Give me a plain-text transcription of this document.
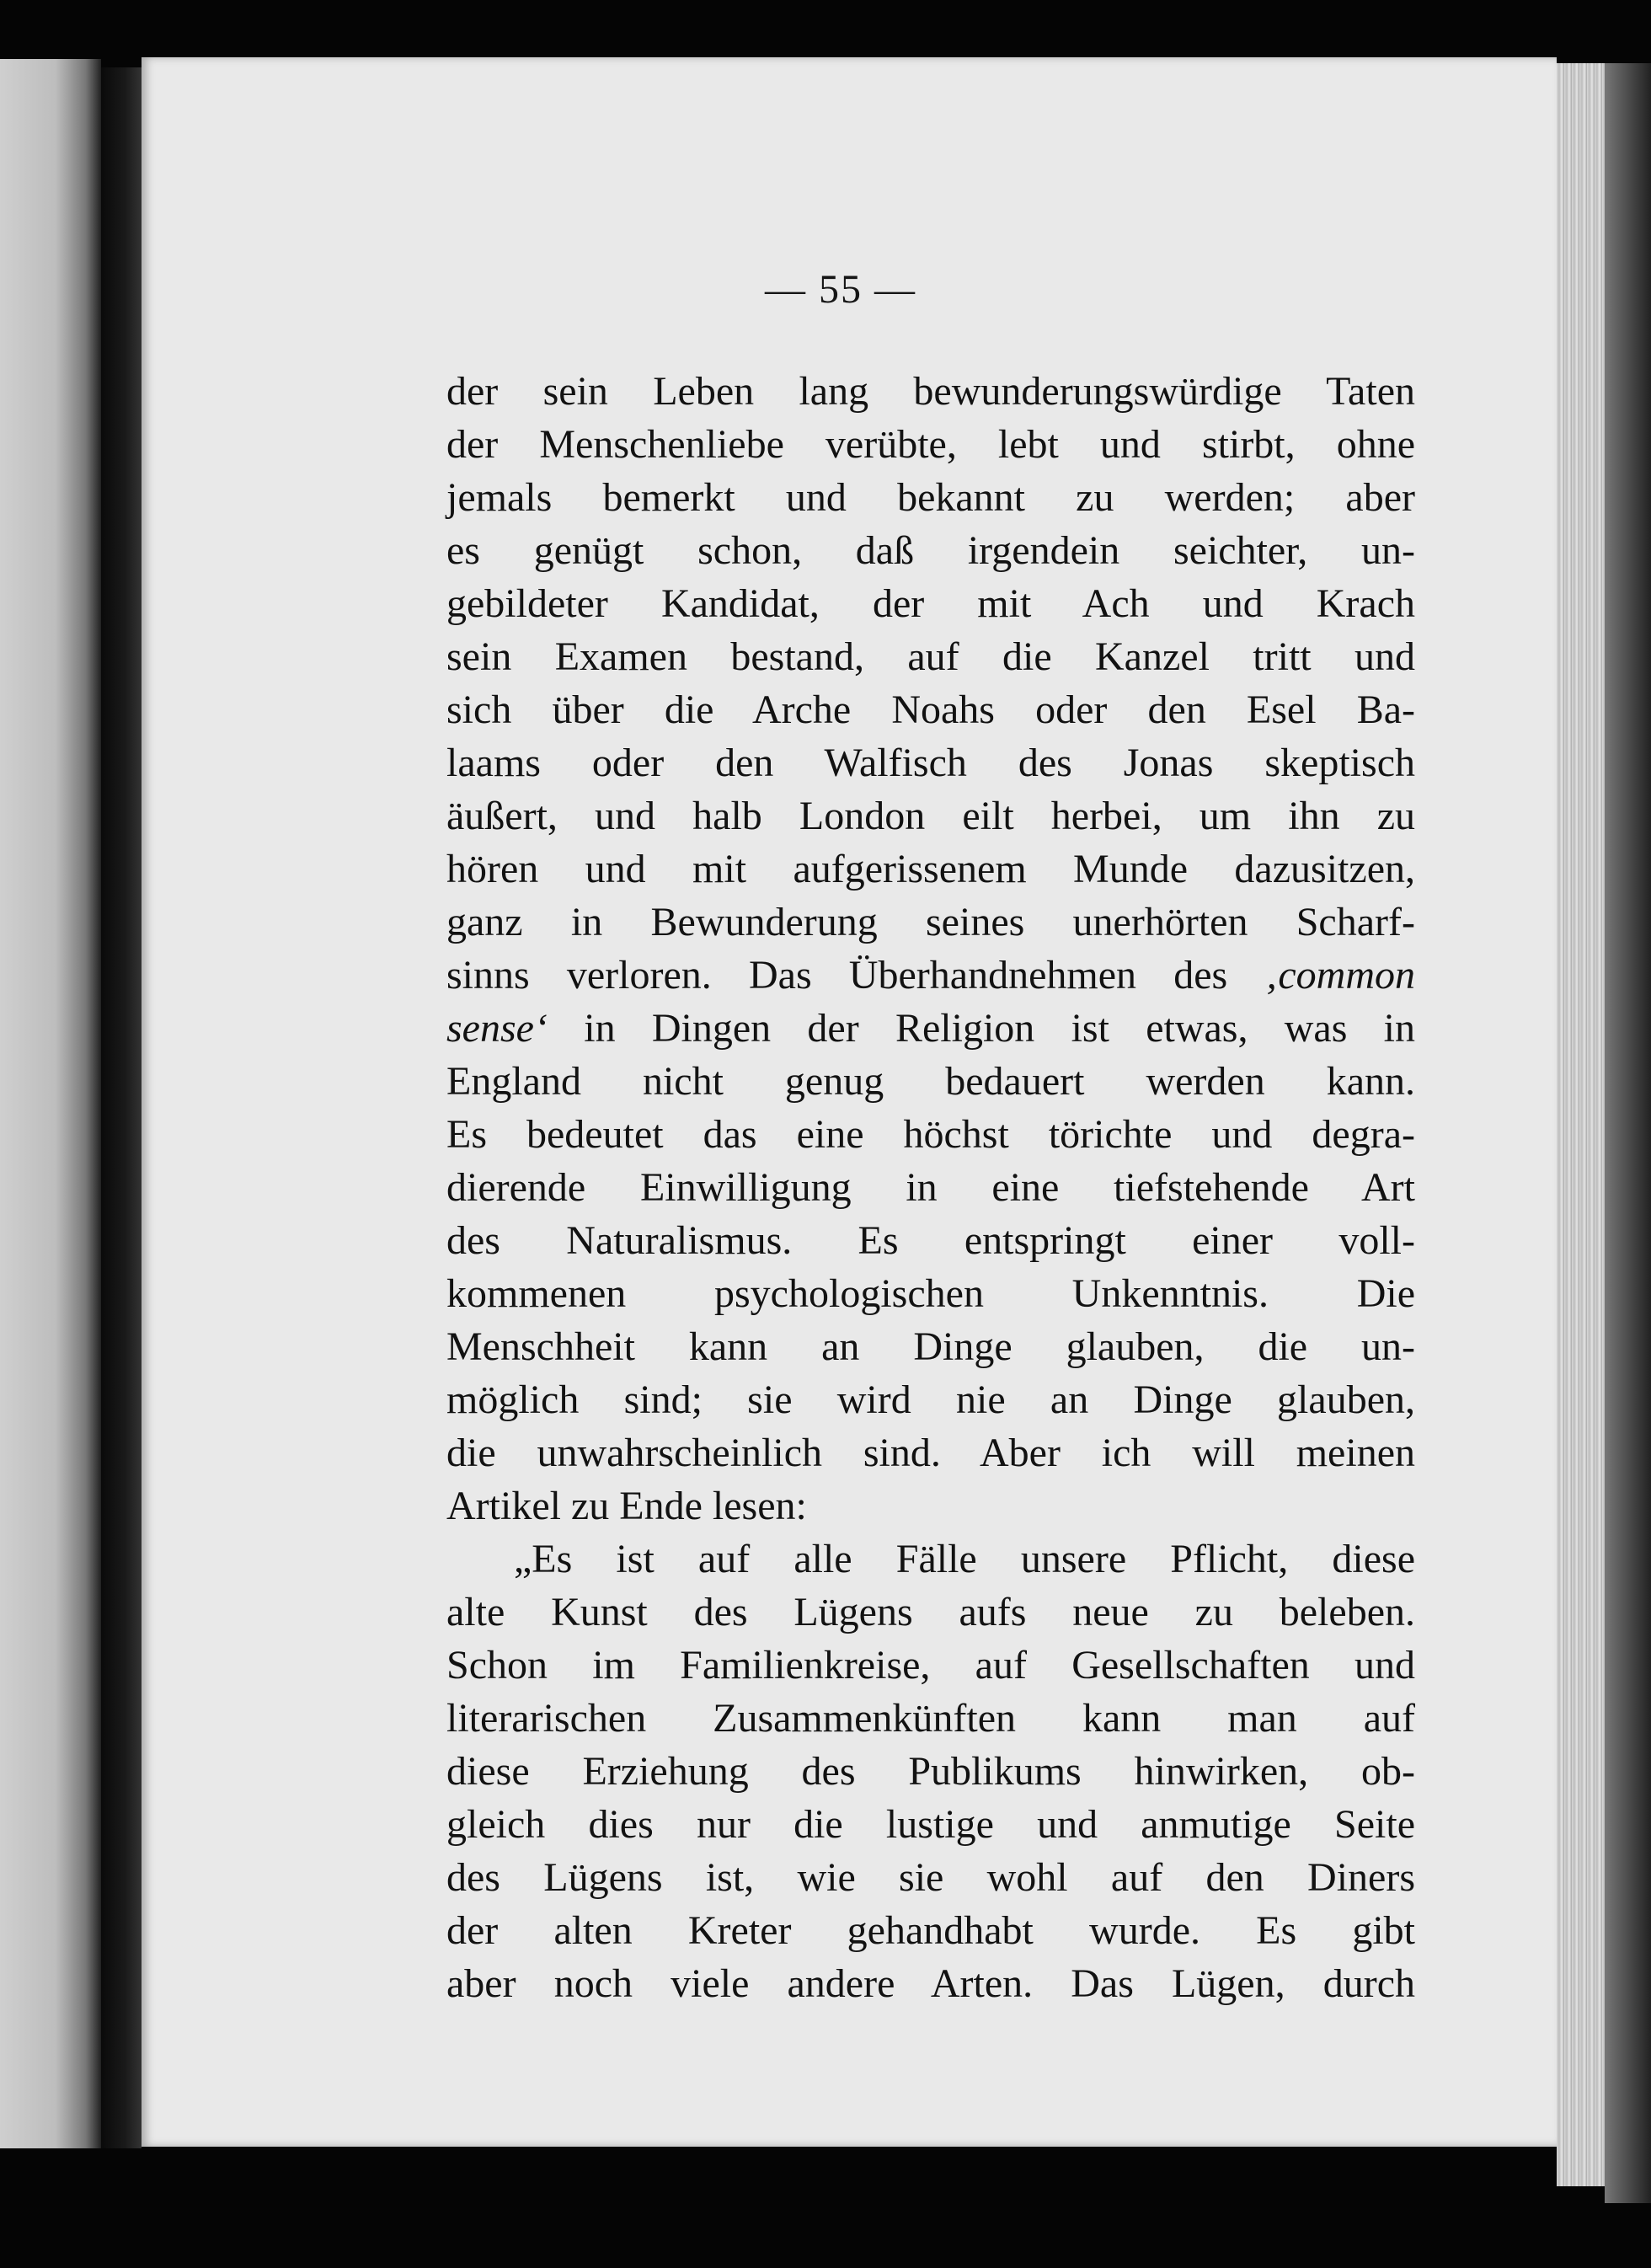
— 55 —
der sein Leben lang bewunderungswürdige Taten
der Menschenliebe verübte, lebt und stirbt, ohne
jemals bemerkt und bekannt zu werden; aber
es genügt schon, daß irgendein seichter, un-
gebildeter Kandidat, der mit Ach und Krach
sein Examen bestand, auf die Kanzel tritt und
sich über die Arche Noahs oder den Esel Ba-
laams oder den Walfisch des Jonas skeptisch
äußert, und halb London eilt herbei, um ihn zu
hören und mit aufgerissenem Munde dazusitzen,
ganz in Bewunderung seines unerhörten Scharf-
sinns verloren. Das Überhandnehmen des ‚common
sense‘ in Dingen der Religion ist etwas, was in
England nicht genug bedauert werden kann.
Es bedeutet das eine höchst törichte und degra-
dierende Einwilligung in eine tiefstehende Art
des Naturalismus. Es entspringt einer voll-
kommenen psychologischen Unkenntnis. Die
Menschheit kann an Dinge glauben, die un-
möglich sind; sie wird nie an Dinge glauben,
die unwahrscheinlich sind. Aber ich will meinen
Artikel zu Ende lesen:
„Es ist auf alle Fälle unsere Pflicht, diese
alte Kunst des Lügens aufs neue zu beleben.
Schon im Familienkreise, auf Gesellschaften und
literarischen Zusammenkünften kann man auf
diese Erziehung des Publikums hinwirken, ob-
gleich dies nur die lustige und anmutige Seite
des Lügens ist, wie sie wohl auf den Diners
der alten Kreter gehandhabt wurde. Es gibt
aber noch viele andere Arten. Das Lügen, durch
